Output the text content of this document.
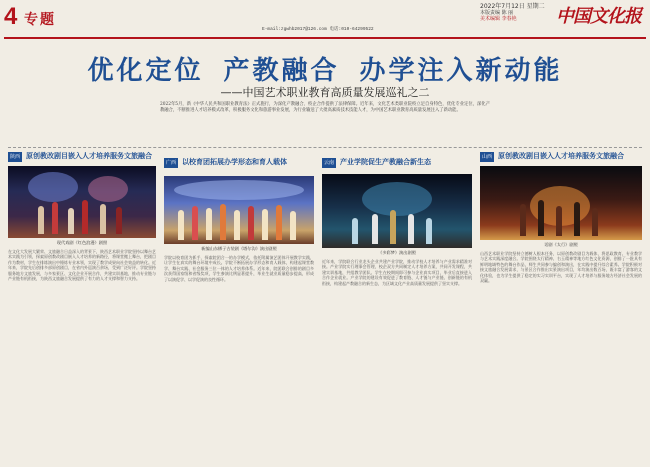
4 专题
E-mail:zgwhb2017@126.com 电话:010-64299522
2022年7月12日 星期二
本版责编 陈 丽
美术编辑 李春艳	中国文化报
优化定位 产教融合 办学注入新动能
——中国艺术职业教育高质量发展巡礼之二
2022年5月，新《中华人民共和国职业教育法》正式施行，为深化产教融合、校企合作提供了法律保障。近年来，文化艺术类职业院校立足自身特色，优化专业定位，深化产教融合，不断推进人才培养模式改革，积极服务文化和旅游事业发展，为行业输送了大批高素质技术技能人才，为中国艺术职业教育高质量发展注入了新动能。
陕西 原创教改剧目嵌入人才培养服务文旅融合
现代戏剧《红色浪漫》剧照
在文化大发展大繁荣、文旅融合日益深入的背景下，陕西艺术职业学院坚持以舞台艺术实践为引领，探索原创教改剧目嵌入人才培养的新路径，将课堂搬上舞台，把剧目作为教材，学生在排练演出中锤炼专业本领，实现了教学成果向社会效益的转化。近年来，学院先后创排多部原创剧目，在省内外巡演百余场，受到广泛好评。学院坚持服务地方文旅发展，与多家景区、文化企业开展合作，共建实训基地，推动专业链与产业链有机衔接，为陕西文旅融合发展提供了有力的人才支撑和智力支持。
广西 以校育团拓展办学形态和育人载体
新编山东梆子古装剧《塔尔沟》演出剧照
学院以校育团为抓手，探索院团合一的办学模式，依托附属演艺团体开展教学实践，让学生在真实的舞台环境中成长。学院不断拓展办学形态和育人载体，构建起课堂教学、舞台实践、社会服务三位一体的人才培养体系。近年来，院团联合创排的剧目多次获得国家级和省级奖项，学生参演比例显著提升，毕业生就业质量稳步提高，形成了以演促学、以学促演的良性循环。
云南 产业学院促生产教融合新生态
《多彩梦》演出剧照
近年来，学院联合行业龙头企业共建产业学院，推动学校人才培养与产业需求精准对接。产业学院实行理事会管理，校企双方共同制定人才培养方案，共同开发课程，共建实训基地，共组教学团队。学生在校期间即可参与企业真实项目，毕业后直接进入合作企业就业。产业学院的建设有效促进了教育链、人才链与产业链、创新链的有机衔接，构建起产教融合的新生态，为区域文化产业高质量发展提供了坚实支撑。
山西 原创教改剧目嵌入人才培养服务文旅融合
话剧《太行》剧照
山西艺术职业学院坚持立德树人根本任务，以原创教改剧目为载体，将思政教育、专业教学与艺术实践深度融合。学院围绕太行精神、右玉精神等地方红色文化资源，创排了一批具有鲜明地域特色的舞台作品，师生共同参与编创和演出，在实践中提升综合素养。学院积极对接文旅融合发展需求，与景区合作推出实景演出项目，年均演出数百场，既丰富了游客的文化体验，也为学生提供了稳定的实习实训平台，实现了人才培养与服务地方经济社会发展的双赢。
